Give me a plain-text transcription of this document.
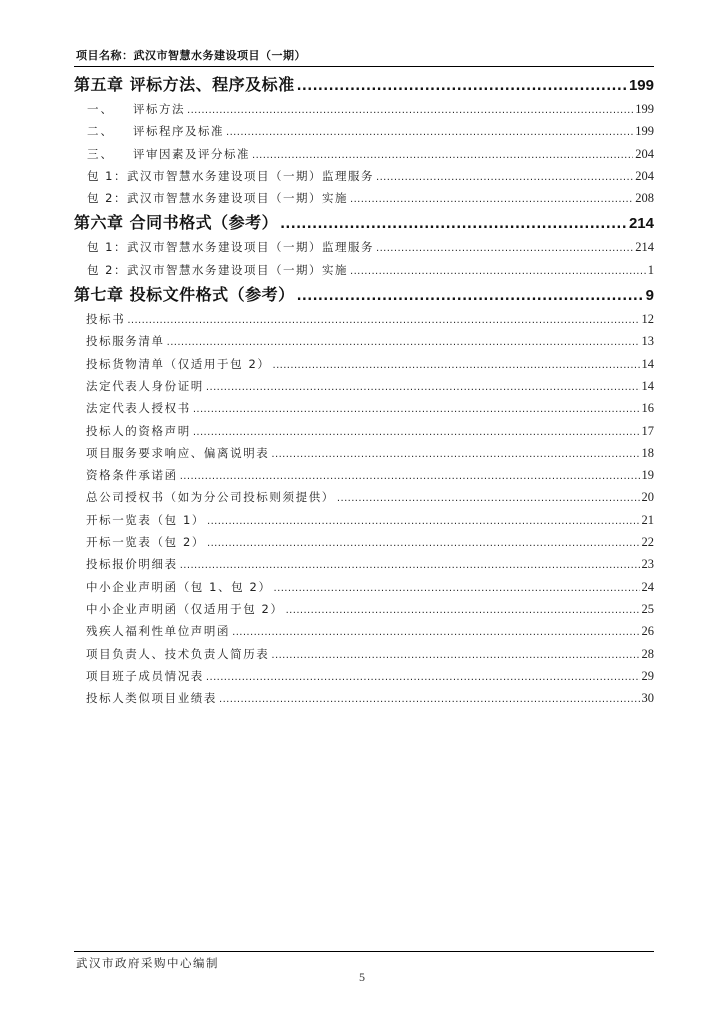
项目名称：武汉市智慧水务建设项目（一期）
第五章 评标方法、程序及标准 .....	199
一、 评标方法 .....	199
二、 评标程序及标准 .....	199
三、 评审因素及评分标准 .....	204
包 1：武汉市智慧水务建设项目（一期）监理服务 .....	204
包 2：武汉市智慧水务建设项目（一期）实施 .....	208
第六章 合同书格式（参考） .....	214
包 1：武汉市智慧水务建设项目（一期）监理服务 .....	214
包 2：武汉市智慧水务建设项目（一期）实施 .....	1
第七章 投标文件格式（参考） .....	9
投标书 .....	12
投标服务清单 .....	13
投标货物清单（仅适用于包 2） .....	14
法定代表人身份证明 .....	14
法定代表人授权书 .....	16
投标人的资格声明 .....	17
项目服务要求响应、偏离说明表 .....	18
资格条件承诺函 .....	19
总公司授权书（如为分公司投标则须提供） .....	20
开标一览表（包 1） .....	21
开标一览表（包 2） .....	22
投标报价明细表 .....	23
中小企业声明函（包 1、包 2） .....	24
中小企业声明函（仅适用于包 2） .....	25
残疾人福利性单位声明函 .....	26
项目负责人、技术负责人简历表 .....	28
项目班子成员情况表 .....	29
投标人类似项目业绩表 .....	30
武汉市政府采购中心编制
5
